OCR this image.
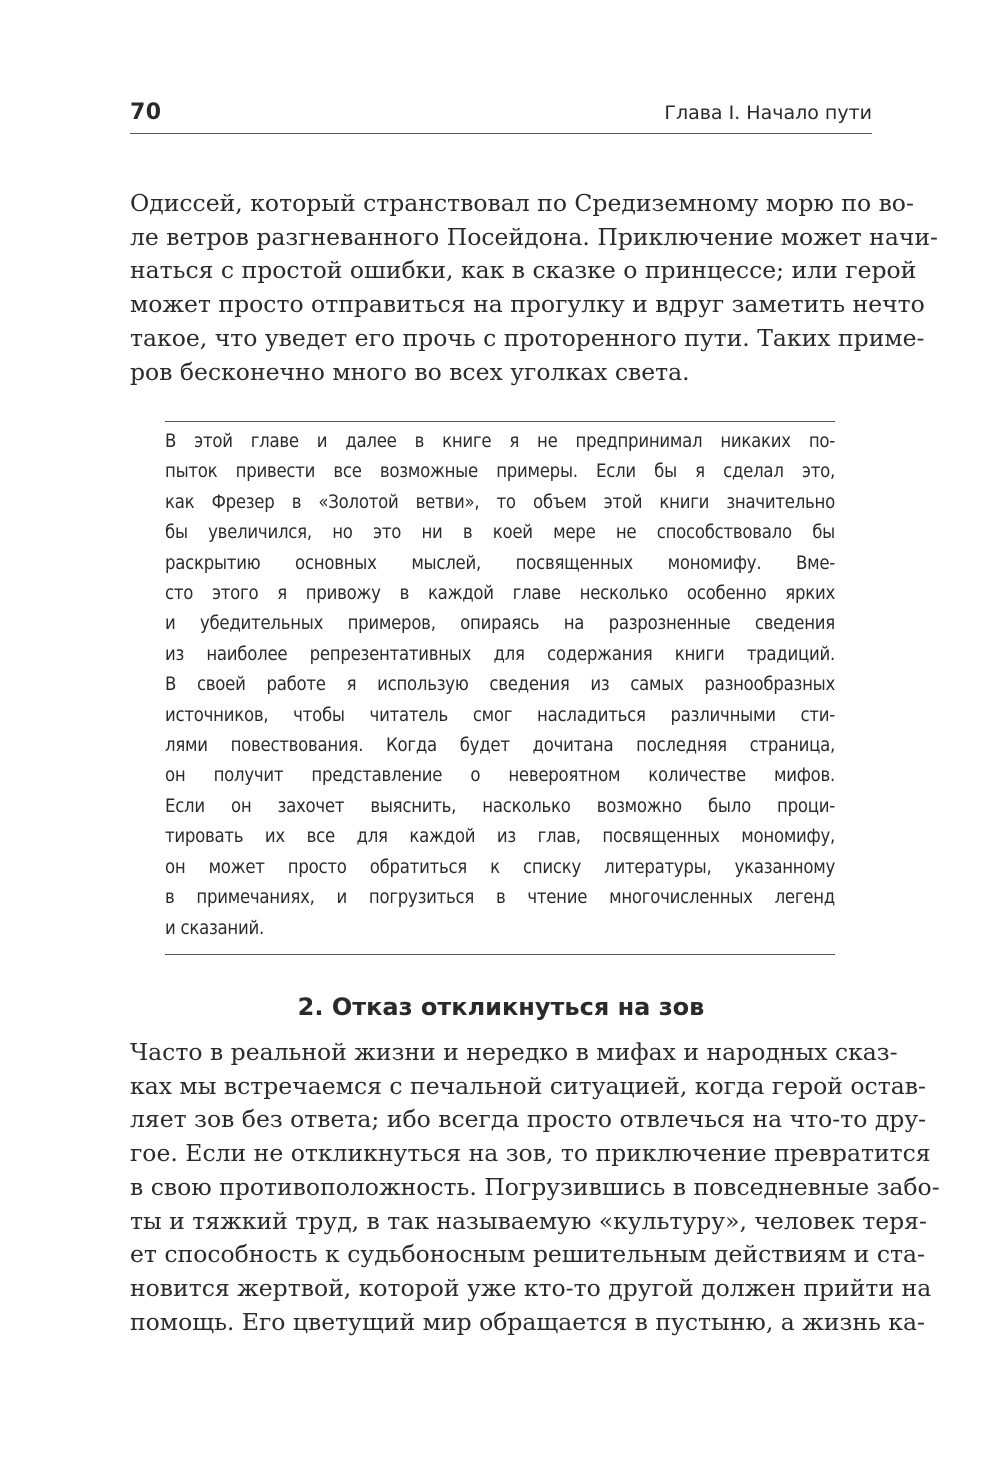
70	Глава I. Начало пути
Одиссей, который странствовал по Средиземному морю по во-
ле ветров разгневанного Посейдона. Приключение может начи-
наться с простой ошибки, как в сказке о принцессе; или герой
может просто отправиться на прогулку и вдруг заметить нечто
такое, что уведет его прочь с проторенного пути. Таких приме-
ров бесконечно много во всех уголках света.
В этой главе и далее в книге я не предпринимал никаких по-
пыток привести все возможные примеры. Если бы я сделал это,
как Фрезер в «Золотой ветви», то объем этой книги значительно
бы увеличился, но это ни в коей мере не способствовало бы
раскрытию основных мыслей, посвященных мономифу. Вме-
сто этого я привожу в каждой главе несколько особенно ярких
и убедительных примеров, опираясь на разрозненные сведения
из наиболее репрезентативных для содержания книги традиций.
В своей работе я использую сведения из самых разнообразных
источников, чтобы читатель смог насладиться различными сти-
лями повествования. Когда будет дочитана последняя страница,
он получит представление о невероятном количестве мифов.
Если он захочет выяснить, насколько возможно было проци-
тировать их все для каждой из глав, посвященных мономифу,
он может просто обратиться к списку литературы, указанному
в примечаниях, и погрузиться в чтение многочисленных легенд
и сказаний.
2. Отказ откликнуться на зов
Часто в реальной жизни и нередко в мифах и народных сказ-
ках мы встречаемся с печальной ситуацией, когда герой остав-
ляет зов без ответа; ибо всегда просто отвлечься на что-то дру-
гое. Если не откликнуться на зов, то приключение превратится
в свою противоположность. Погрузившись в повседневные забо-
ты и тяжкий труд, в так называемую «культуру», человек теря-
ет способность к судьбоносным решительным действиям и ста-
новится жертвой, которой уже кто-то другой должен прийти на
помощь. Его цветущий мир обращается в пустыню, а жизнь ка-
